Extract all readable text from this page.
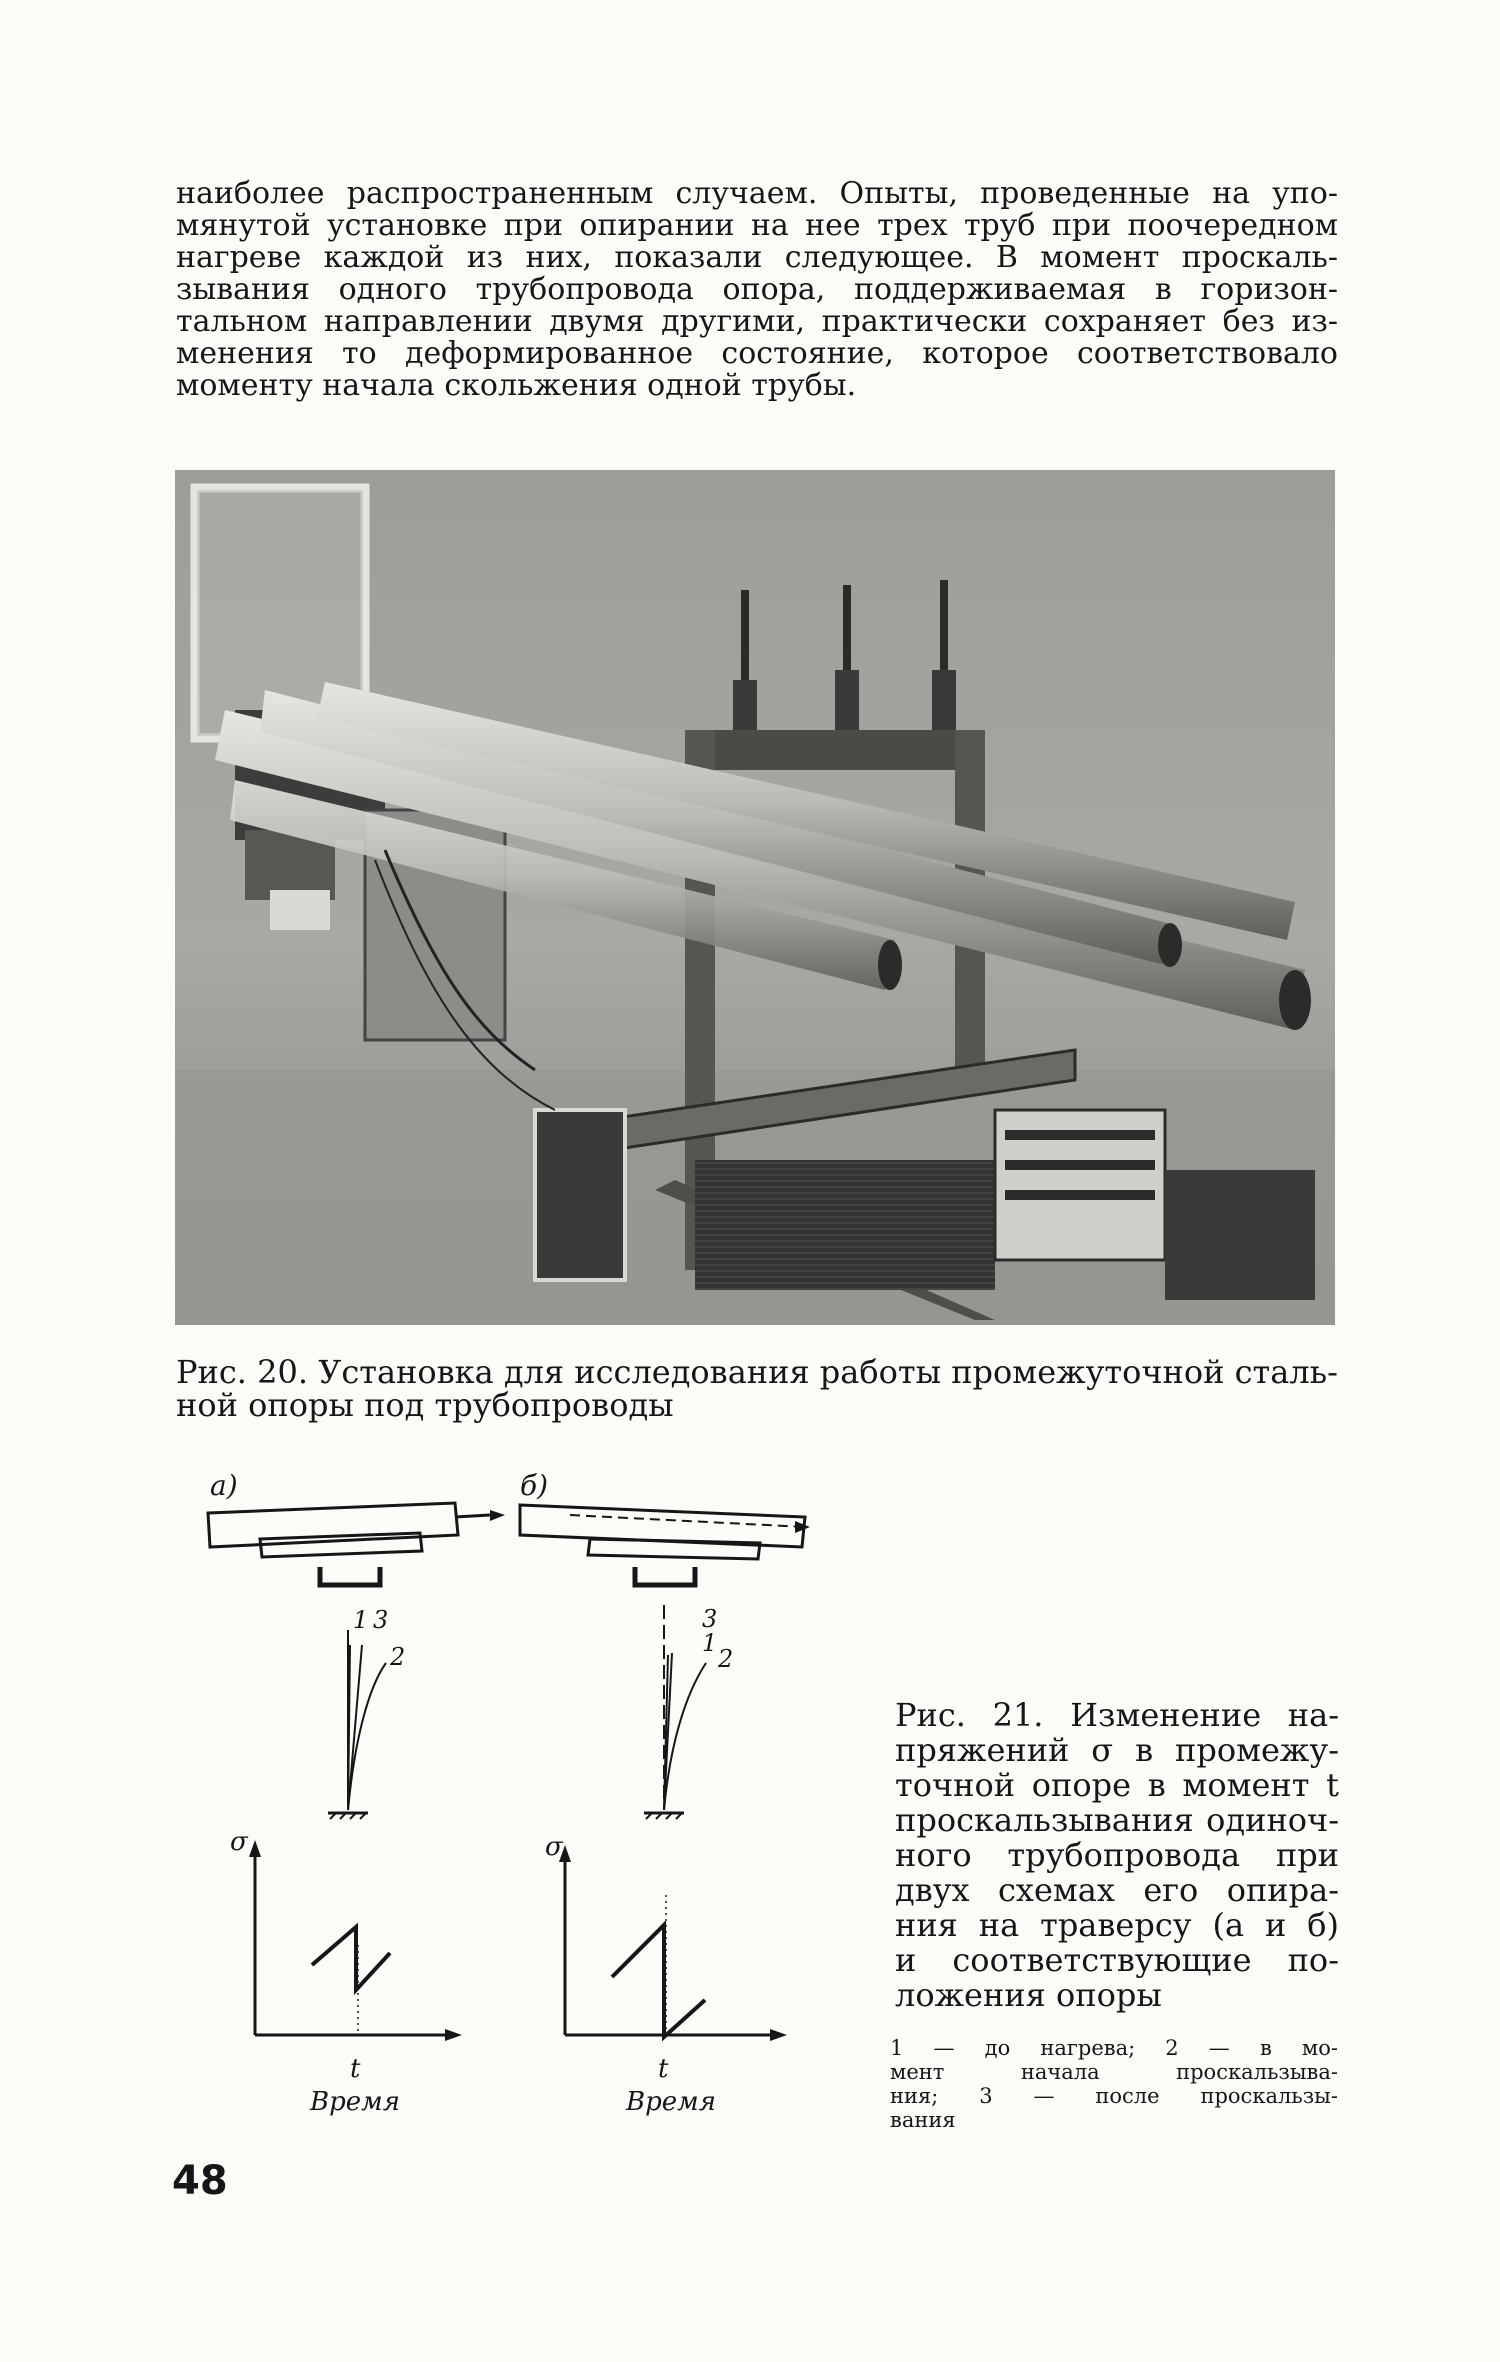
наиболее распространенным случаем. Опыты, проведенные на упо-
мянутой установке при опирании на нее трех труб при поочередном
нагреве каждой из них, показали следующее. В момент проскаль-
зывания одного трубопровода опора, поддерживаемая в горизон-
тальном направлении двумя другими, практически сохраняет без из-
менения то деформированное состояние, которое соответствовало
моменту начала скольжения одной трубы.
Рис. 20. Установка для исследования работы промежуточной сталь-
ной опоры под трубопроводы
а)
1 3
2
σ
t
Время
б)
3
1
2
σ
t
Время
Рис. 21. Изменение на-
пряжений σ в промежу-
точной опоре в момент t
проскальзывания одиноч-
ного трубопровода при
двух схемах его опира-
ния на траверсу (а и б)
и соответствующие по-
ложения опоры
1 — до нагрева; 2 — в мо-
мент начала проскальзыва-
ния; 3 — после проскальзы-
вания
48
